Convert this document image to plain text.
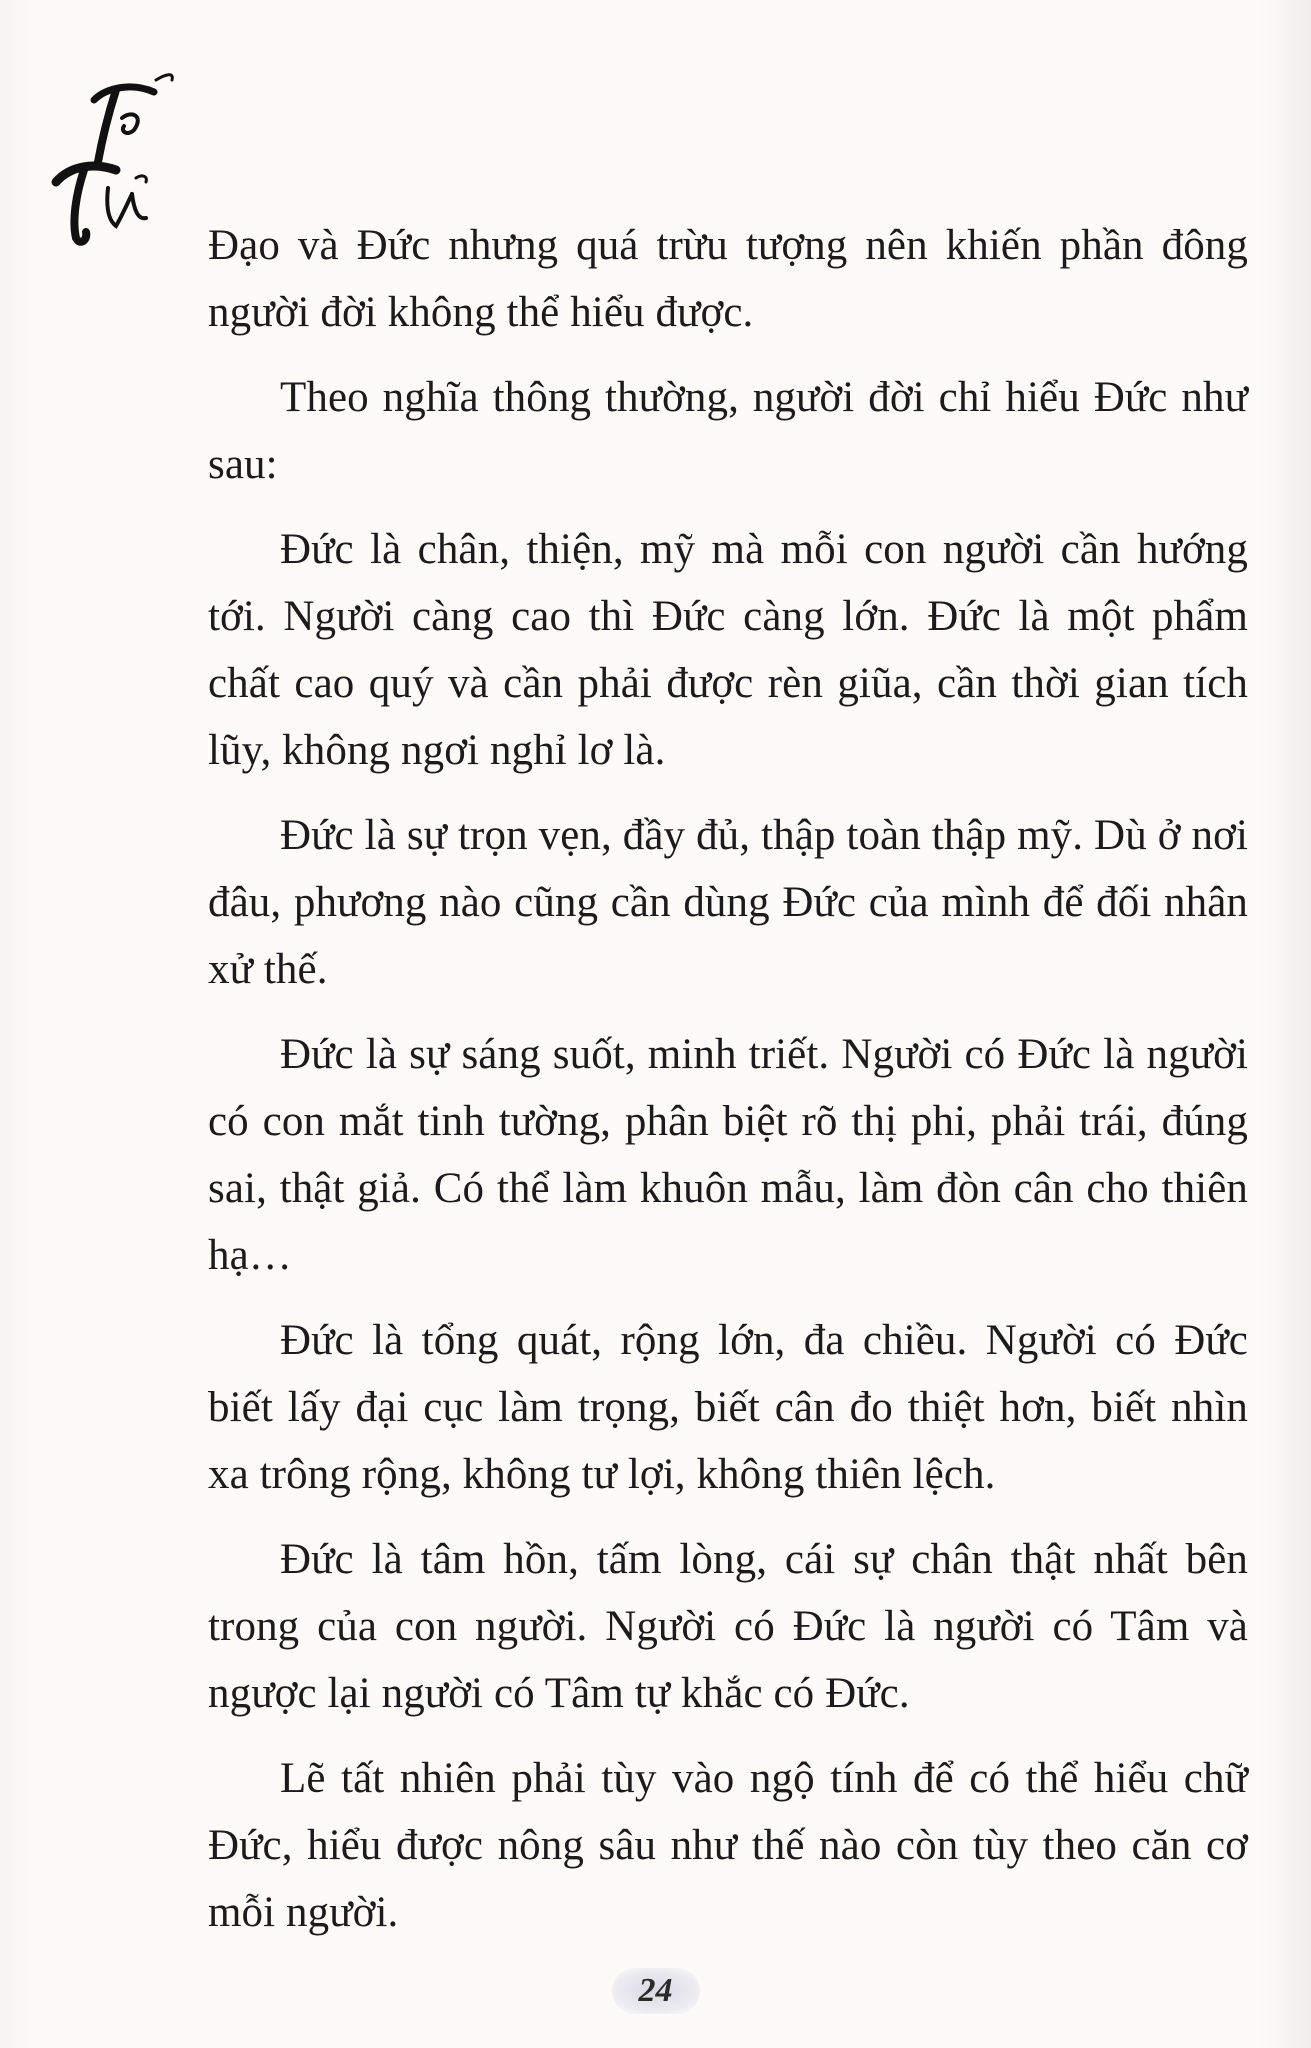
Đạo và Đức nhưng quá trừu tượng nên khiến phần đông người đời không thể hiểu được.

Theo nghĩa thông thường, người đời chỉ hiểu Đức như sau:

Đức là chân, thiện, mỹ mà mỗi con người cần hướng tới. Người càng cao thì Đức càng lớn. Đức là một phẩm chất cao quý và cần phải được rèn giũa, cần thời gian tích lũy, không ngơi nghỉ lơ là.

Đức là sự trọn vẹn, đầy đủ, thập toàn thập mỹ. Dù ở nơi đâu, phương nào cũng cần dùng Đức của mình để đối nhân xử thế.

Đức là sự sáng suốt, minh triết. Người có Đức là người có con mắt tinh tường, phân biệt rõ thị phi, phải trái, đúng sai, thật giả. Có thể làm khuôn mẫu, làm đòn cân cho thiên hạ…

Đức là tổng quát, rộng lớn, đa chiều. Người có Đức biết lấy đại cục làm trọng, biết cân đo thiệt hơn, biết nhìn xa trông rộng, không tư lợi, không thiên lệch.

Đức là tâm hồn, tấm lòng, cái sự chân thật nhất bên trong của con người. Người có Đức là người có Tâm và ngược lại người có Tâm tự khắc có Đức.

Lẽ tất nhiên phải tùy vào ngộ tính để có thể hiểu chữ Đức, hiểu được nông sâu như thế nào còn tùy theo căn cơ mỗi người.

24
